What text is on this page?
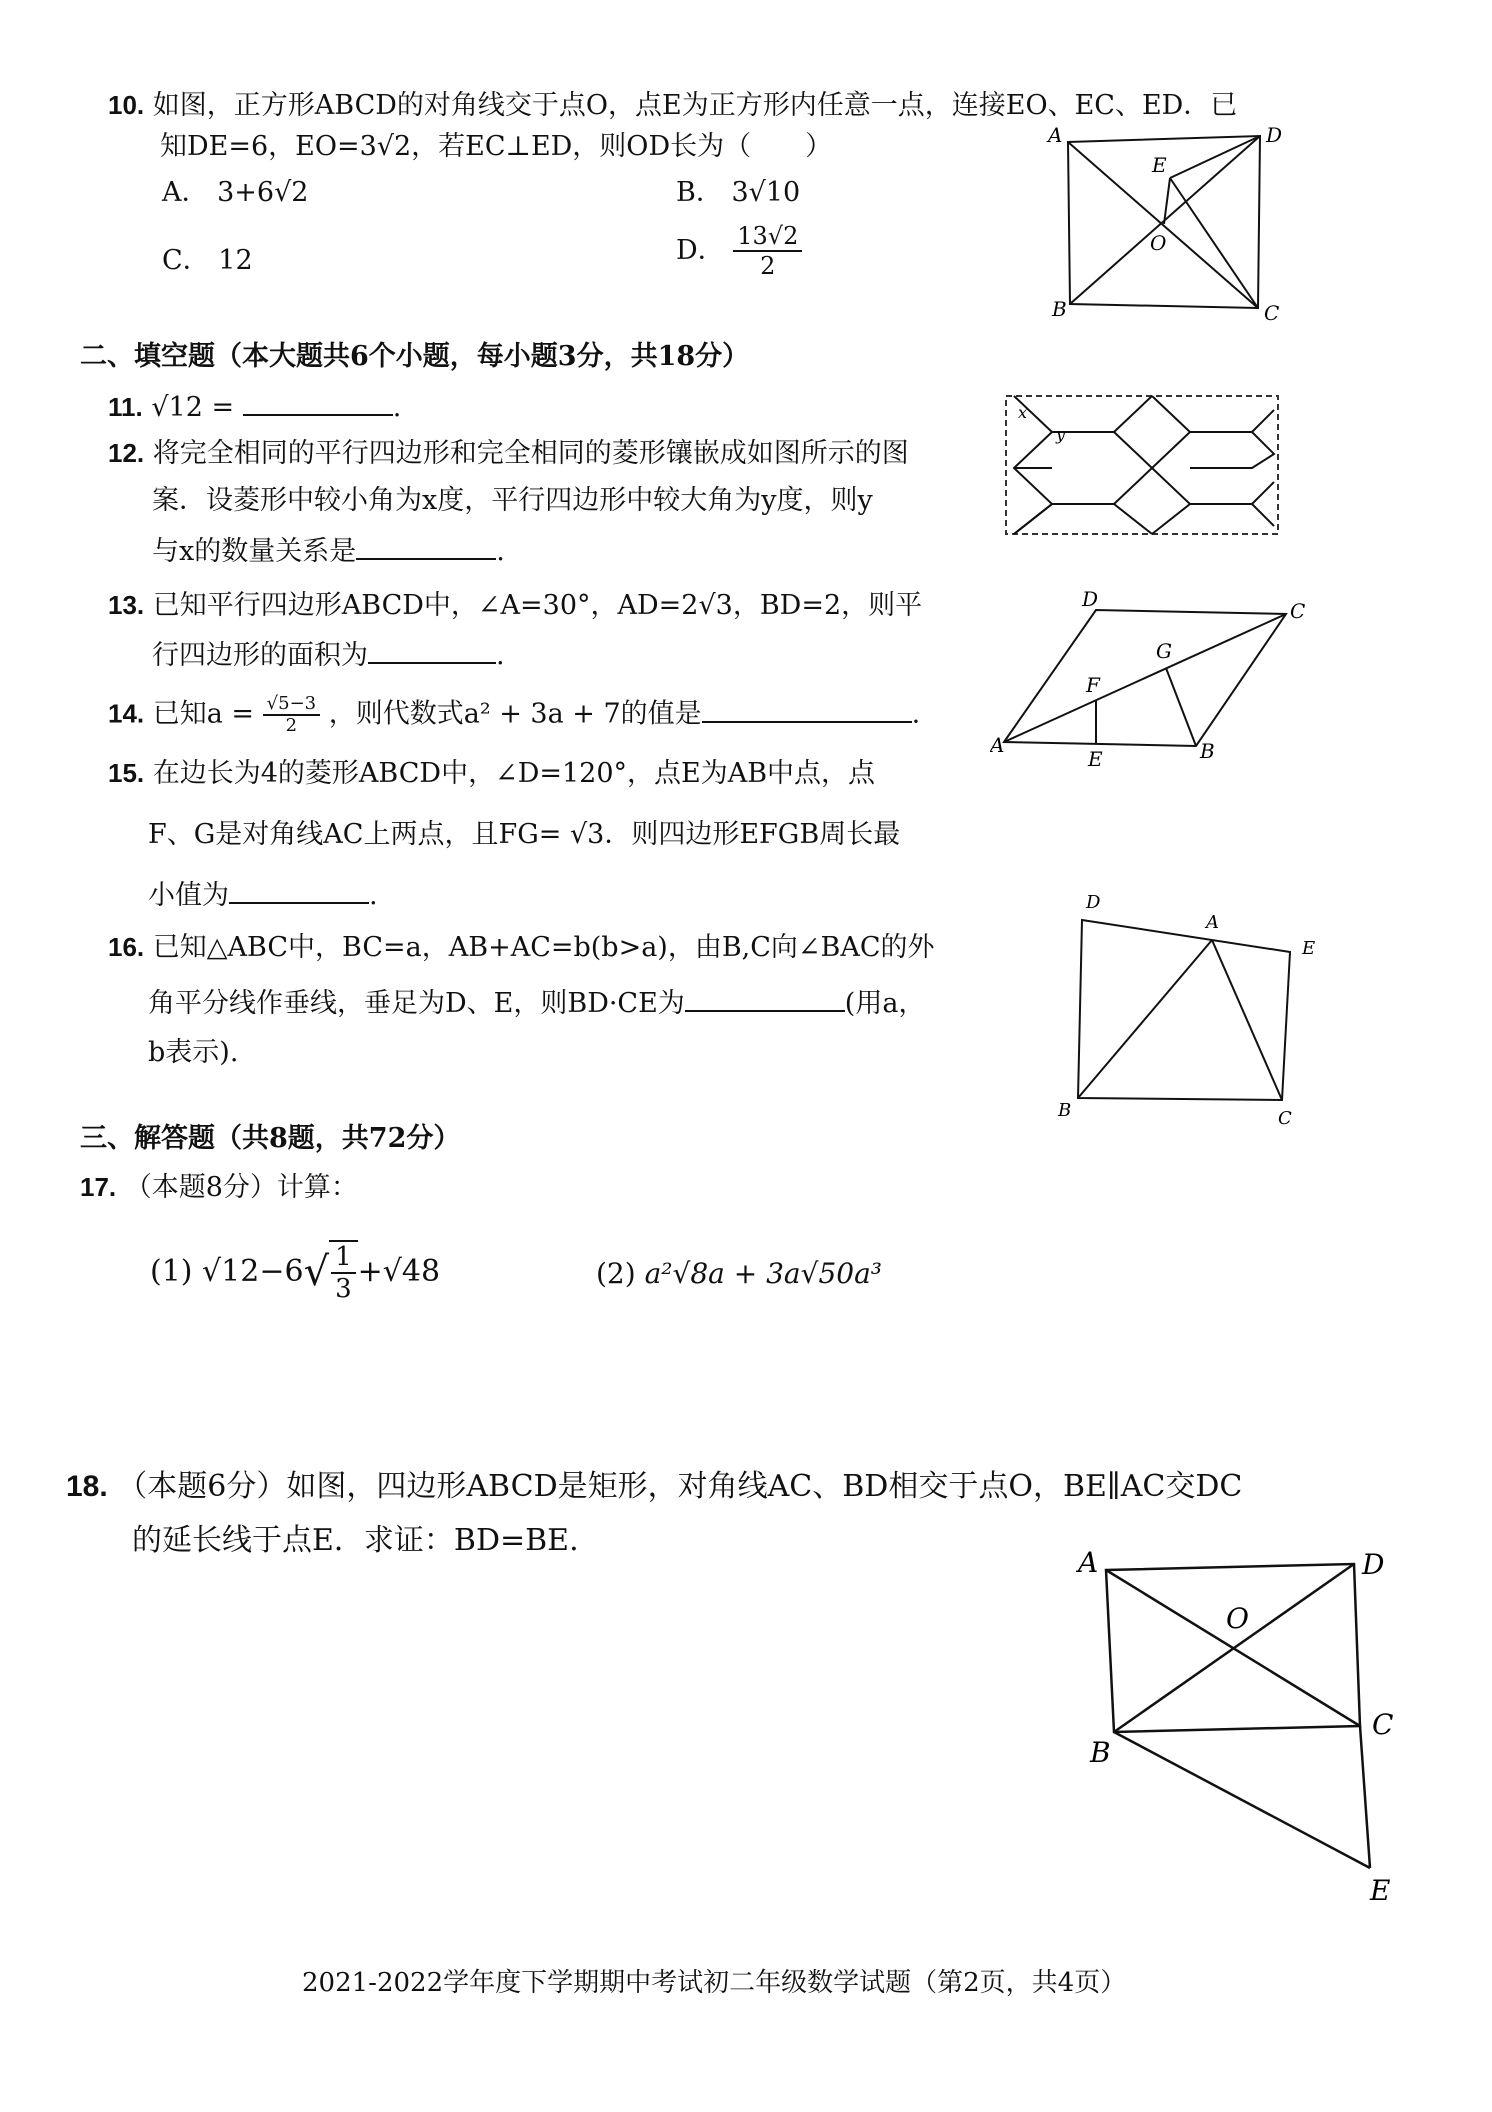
10. 如图，正方形ABCD的对角线交于点O，点E为正方形内任意一点，连接EO、EC、ED．已
知DE=6，EO=3√2，若EC⊥ED，则OD长为（　　）
A． 3+6√2	B． 3√10
C． 12	D． $\frac{13√2}{2}$
A	D
E
O
B	C
二、填空题（本大题共6个小题，每小题3分，共18分）
11. √12 =	.
12. 将完全相同的平行四边形和完全相同的菱形镶嵌成如图所示的图
案．设菱形中较小角为x度，平行四边形中较大角为y度，则y
与x的数量关系是	.
x
y
13. 已知平行四边形ABCD中，∠A=30°，AD=2√3，BD=2，则平
行四边形的面积为	.
D	C
G
F
A
E	B
14. 已知$a = \frac{√5-3}{2}$ ，则代数式a² + 3a + 7的值是	.
15. 在边长为4的菱形ABCD中，∠D=120°，点E为AB中点，点
F、G是对角线AC上两点，且FG= √3．则四边形EFGB周长最
小值为	.
16. 已知△ABC中，BC=a，AB+AC=b(b>a)，由B,C向∠BAC的外
角平分线作垂线，垂足为D、E，则BD·CE为	(用a，
b表示).
D
A
E
B	C
三、解答题（共8题，共72分）
17. （本题8分）计算：
(1) $√12-6√ \frac{1}{3} +√48$	(2) a²√8a + 3a√50a³
18. （本题6分）如图，四边形ABCD是矩形，对角线AC、BD相交于点O，BE∥AC交DC
的延长线于点E．求证：BD=BE.
A	D
O
B
C
E
2021-2022学年度下学期期中考试初二年级数学试题（第2页，共4页）
